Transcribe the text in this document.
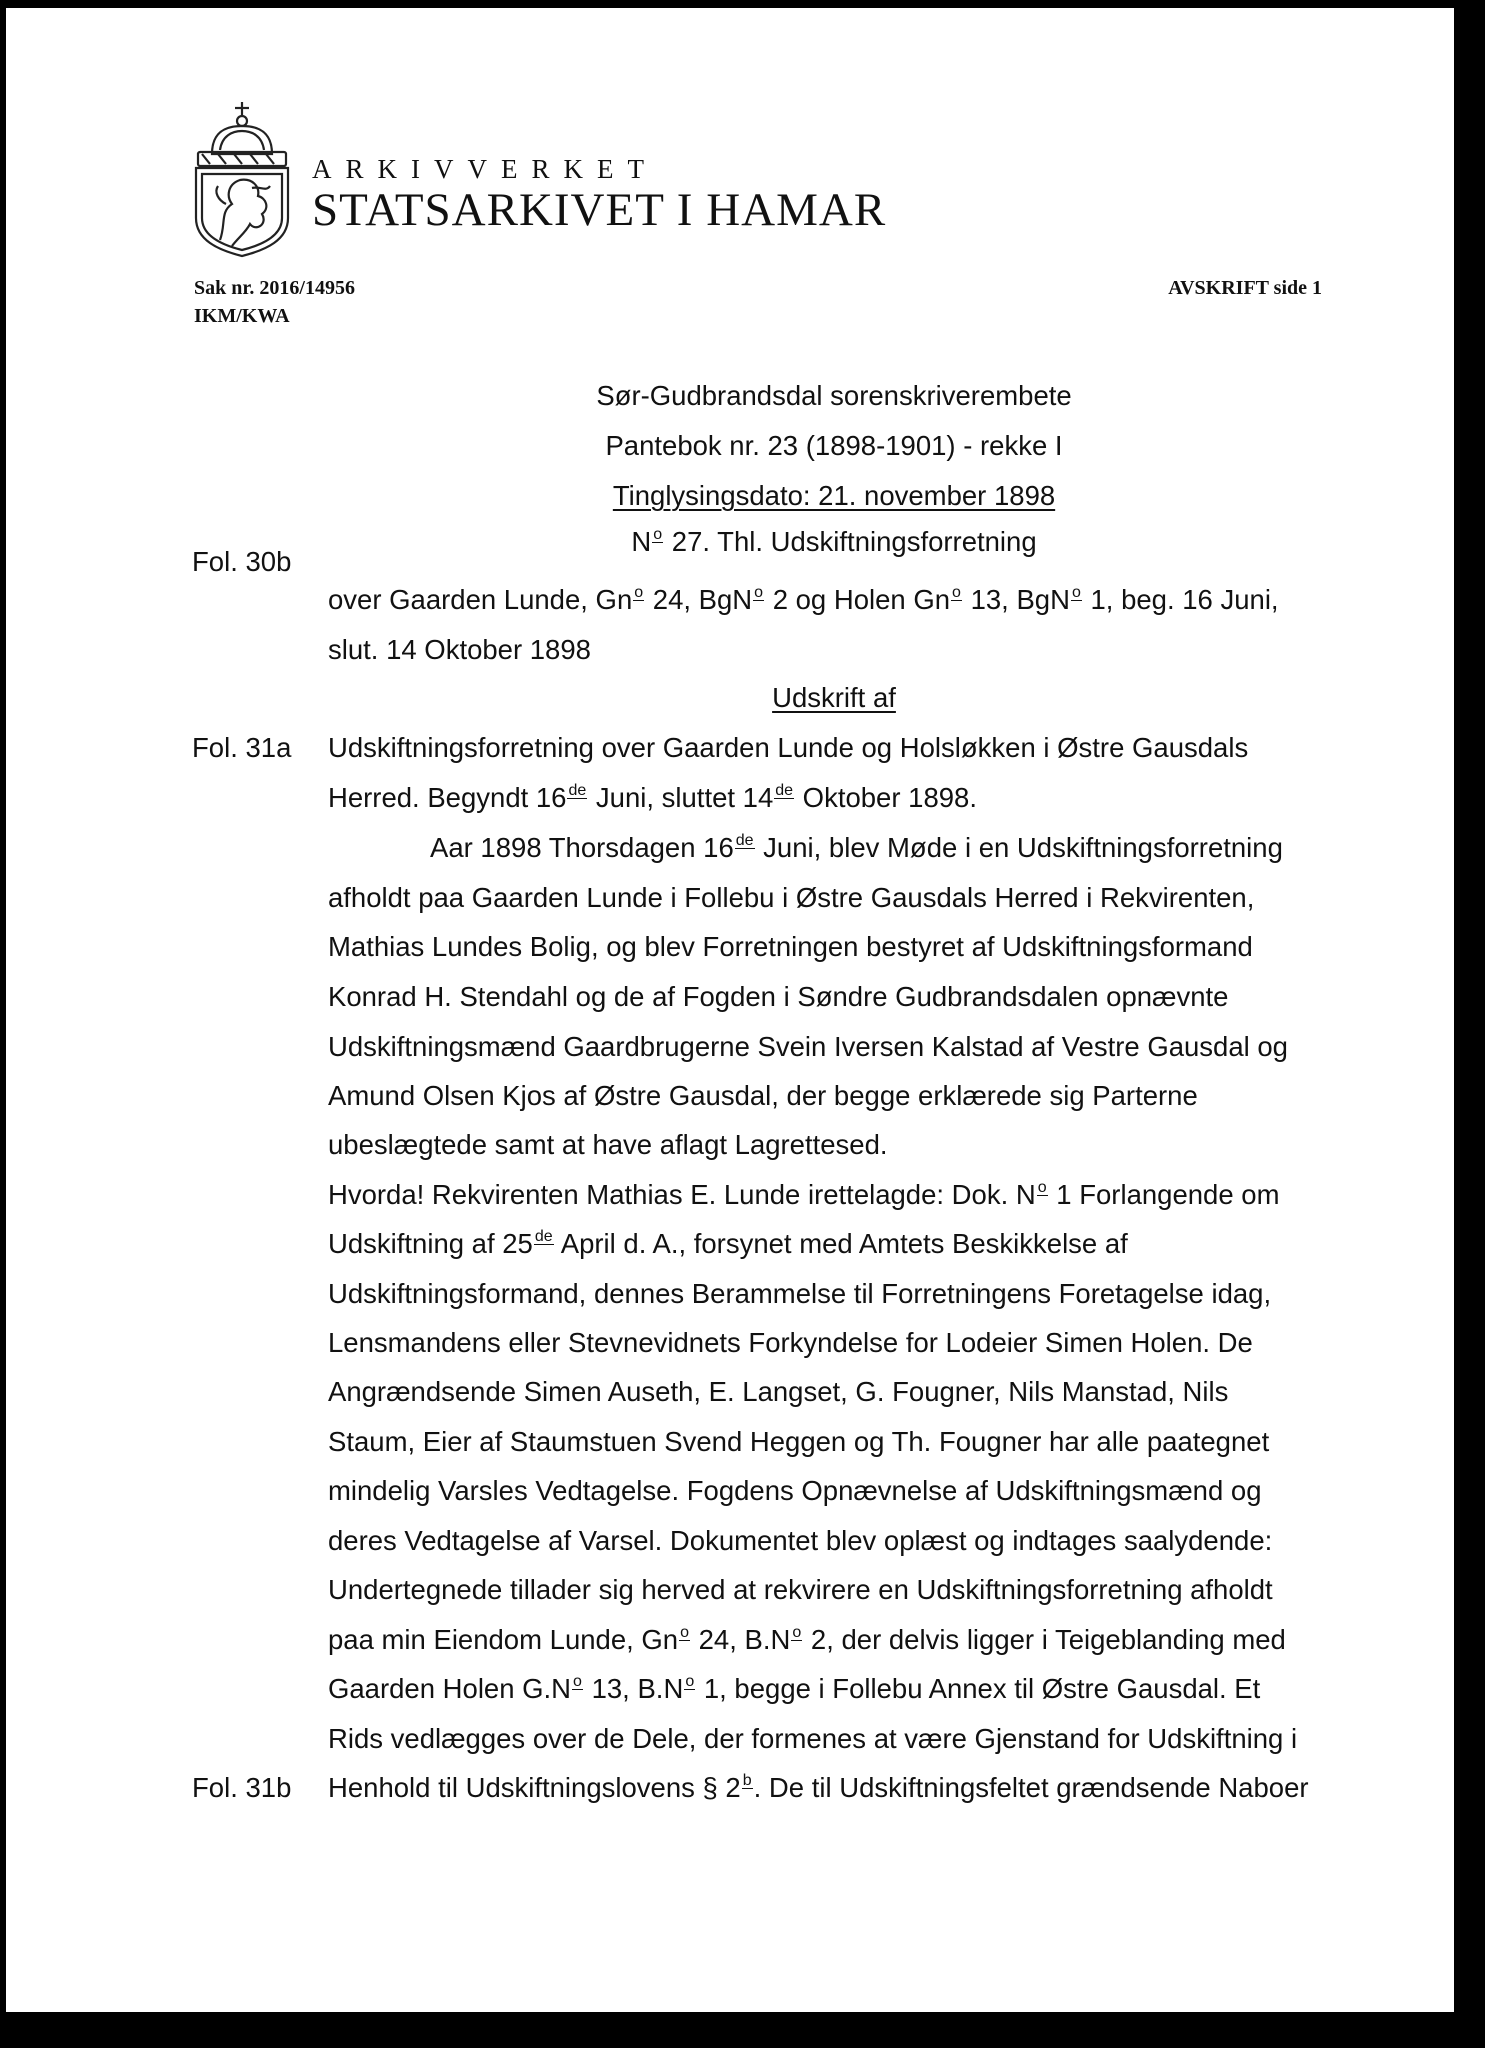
ARKIVVERKET
STATSARKIVET I HAMAR
Sak nr. 2016/14956
IKM/KWA
AVSKRIFT side 1
Sør-Gudbrandsdal sorenskriverembete
Pantebok nr. 23 (1898-1901) - rekke I
Tinglysingsdato: 21. november 1898
N o 27. Thl. Udskiftningsforretning
Fol. 30b
over Gaarden Lunde, Gn o 24, BgN o 2 og Holen Gn o 13, BgN o 1, beg. 16 Juni,
slut. 14 Oktober 1898
Udskrift af
Fol. 31a Udskiftningsforretning over Gaarden Lunde og Holsløkken i Østre Gausdals
Herred. Begyndt 16 de Juni, sluttet 14 de Oktober 1898.
Aar 1898 Thorsdagen 16 de Juni, blev Møde i en Udskiftningsforretning
afholdt paa Gaarden Lunde i Follebu i Østre Gausdals Herred i Rekvirenten,
Mathias Lundes Bolig, og blev Forretningen bestyret af Udskiftningsformand
Konrad H. Stendahl og de af Fogden i Søndre Gudbrandsdalen opnævnte
Udskiftningsmænd Gaardbrugerne Svein Iversen Kalstad af Vestre Gausdal og
Amund Olsen Kjos af Østre Gausdal, der begge erklærede sig Parterne
ubeslægtede samt at have aflagt Lagrettesed.
Hvorda! Rekvirenten Mathias E. Lunde irettelagde: Dok. N o 1 Forlangende om
Udskiftning af 25 de April d. A., forsynet med Amtets Beskikkelse af
Udskiftningsformand, dennes Berammelse til Forretningens Foretagelse idag,
Lensmandens eller Stevnevidnets Forkyndelse for Lodeier Simen Holen. De
Angrændsende Simen Auseth, E. Langset, G. Fougner, Nils Manstad, Nils
Staum, Eier af Staumstuen Svend Heggen og Th. Fougner har alle paategnet
mindelig Varsles Vedtagelse. Fogdens Opnævnelse af Udskiftningsmænd og
deres Vedtagelse af Varsel. Dokumentet blev oplæst og indtages saalydende:
Undertegnede tillader sig herved at rekvirere en Udskiftningsforretning afholdt
paa min Eiendom Lunde, Gn o 24, B.N o 2, der delvis ligger i Teigeblanding med
Gaarden Holen G.N o 13, B.N o 1, begge i Follebu Annex til Østre Gausdal. Et
Rids vedlægges over de Dele, der formenes at være Gjenstand for Udskiftning i
Fol. 31b Henhold til Udskiftningslovens § 2 b. De til Udskiftningsfeltet grændsende Naboer
